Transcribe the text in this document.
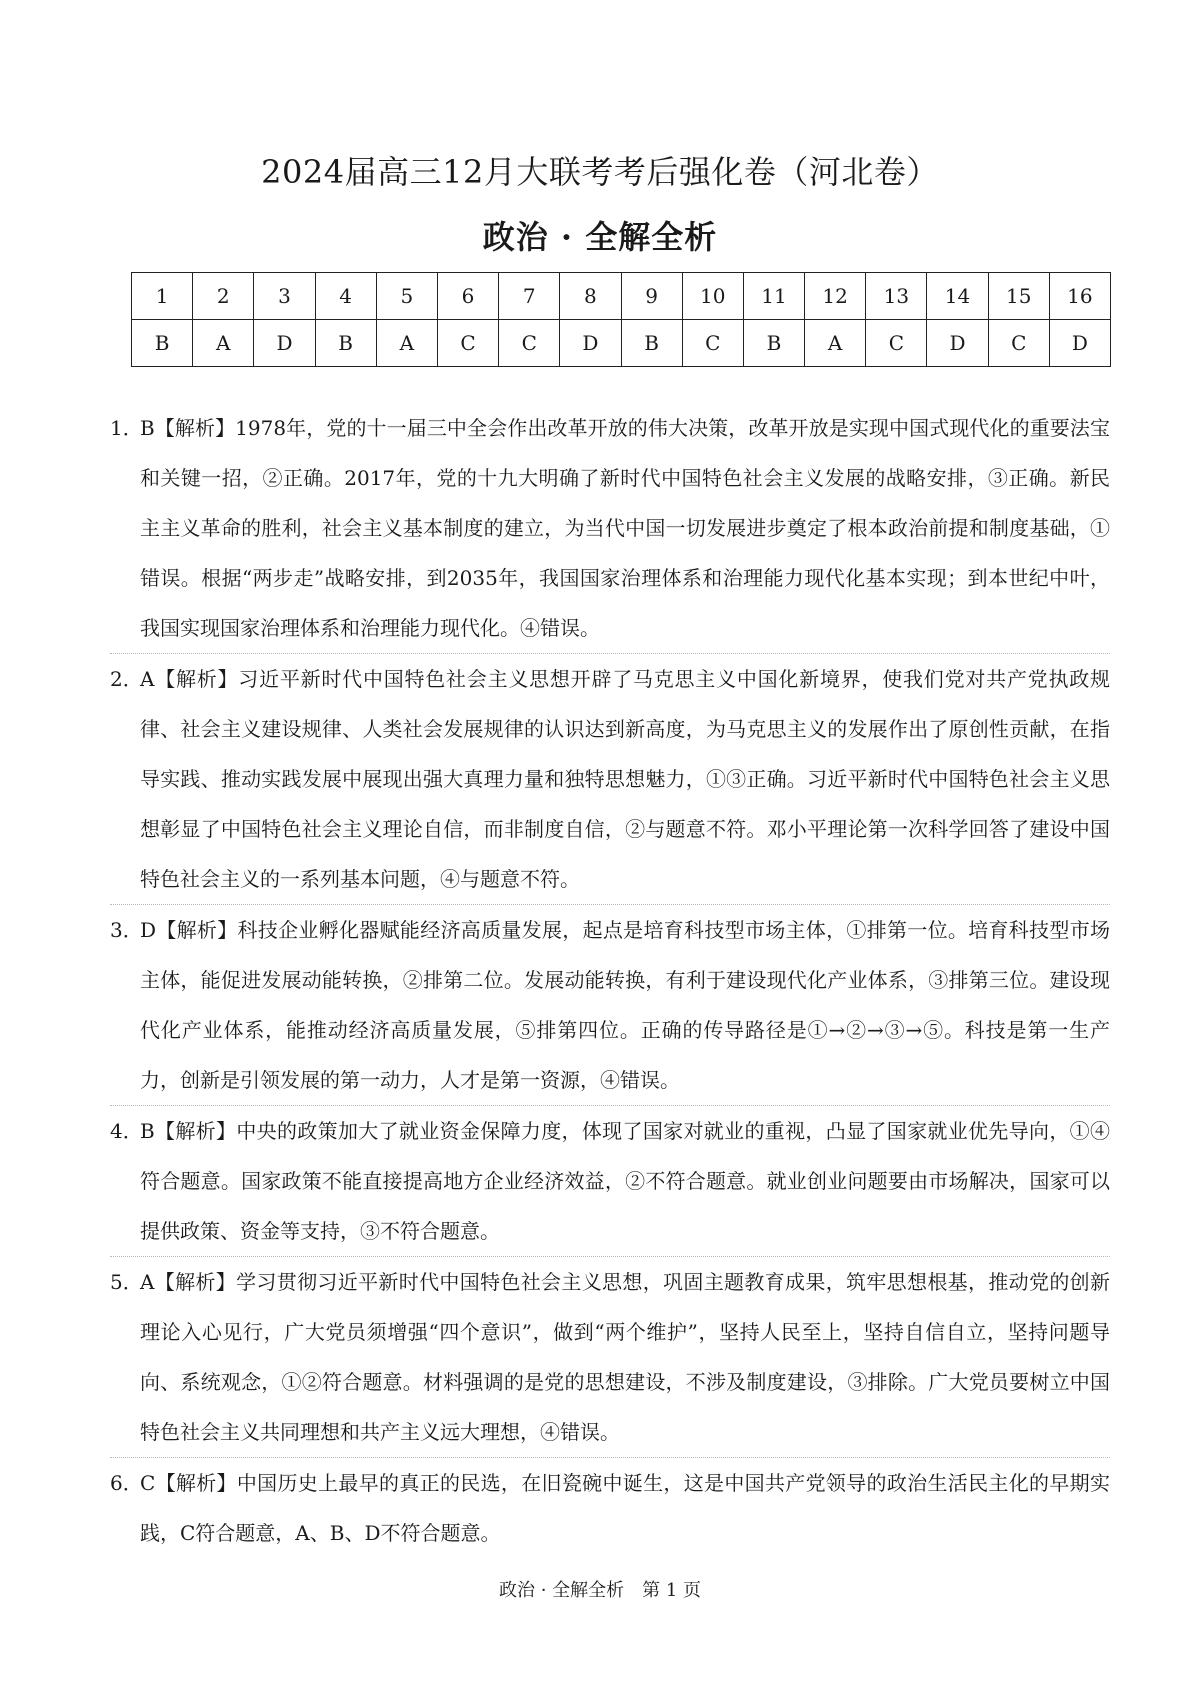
2024届高三12月大联考考后强化卷（河北卷）
政治 · 全解全析
1	2	3	4	5	6	7	8	9	10	11	12	13	14	15	16
B	A	D	B	A	C	C	D	B	C	B	A	C	D	C	D
1．
B【解析】1978年，党的十一届三中全会作出改革开放的伟大决策，改革开放是实现中国式现代化的重要法宝和关键一招，②正确。2017年，党的十九大明确了新时代中国特色社会主义发展的战略安排，③正确。新民主主义革命的胜利，社会主义基本制度的建立，为当代中国一切发展进步奠定了根本政治前提和制度基础，①错误。根据“两步走”战略安排，到2035年，我国国家治理体系和治理能力现代化基本实现；到本世纪中叶，我国实现国家治理体系和治理能力现代化。④错误。
2．
A【解析】习近平新时代中国特色社会主义思想开辟了马克思主义中国化新境界，使我们党对共产党执政规律、社会主义建设规律、人类社会发展规律的认识达到新高度，为马克思主义的发展作出了原创性贡献，在指导实践、推动实践发展中展现出强大真理力量和独特思想魅力，①③正确。习近平新时代中国特色社会主义思想彰显了中国特色社会主义理论自信，而非制度自信，②与题意不符。邓小平理论第一次科学回答了建设中国特色社会主义的一系列基本问题，④与题意不符。
3．
D【解析】科技企业孵化器赋能经济高质量发展，起点是培育科技型市场主体，①排第一位。培育科技型市场主体，能促进发展动能转换，②排第二位。发展动能转换，有利于建设现代化产业体系，③排第三位。建设现代化产业体系，能推动经济高质量发展，⑤排第四位。正确的传导路径是①→②→③→⑤。科技是第一生产力，创新是引领发展的第一动力，人才是第一资源，④错误。
4．
B【解析】中央的政策加大了就业资金保障力度，体现了国家对就业的重视，凸显了国家就业优先导向，①④符合题意。国家政策不能直接提高地方企业经济效益，②不符合题意。就业创业问题要由市场解决，国家可以提供政策、资金等支持，③不符合题意。
5．
A【解析】学习贯彻习近平新时代中国特色社会主义思想，巩固主题教育成果，筑牢思想根基，推动党的创新理论入心见行，广大党员须增强“四个意识”，做到“两个维护”，坚持人民至上，坚持自信自立，坚持问题导向、系统观念，①②符合题意。材料强调的是党的思想建设，不涉及制度建设，③排除。广大党员要树立中国特色社会主义共同理想和共产主义远大理想，④错误。
6．
C【解析】中国历史上最早的真正的民选，在旧瓷碗中诞生，这是中国共产党领导的政治生活民主化的早期实践，C符合题意，A、B、D不符合题意。
政治 · 全解全析　第 1 页
